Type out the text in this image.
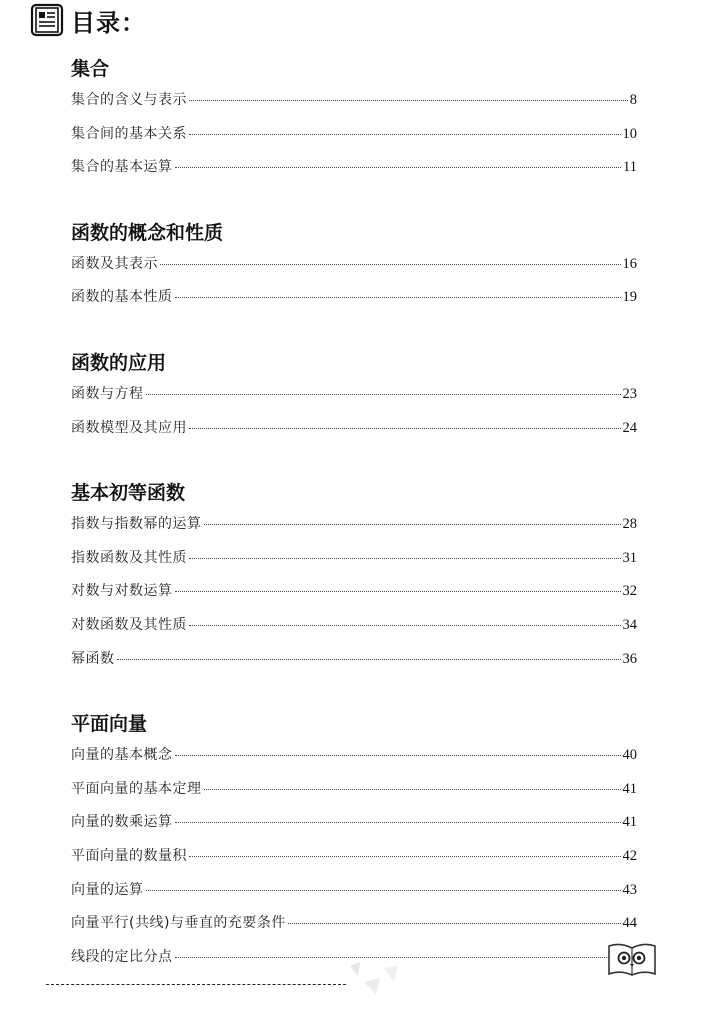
目录：
集合
集合的含义与表示	8
集合间的基本关系	10
集合的基本运算	11
函数的概念和性质
函数及其表示	16
函数的基本性质	19
函数的应用
函数与方程	23
函数模型及其应用	24
基本初等函数
指数与指数幂的运算	28
指数函数及其性质	31
对数与对数运算	32
对数函数及其性质	34
幂函数	36
平面向量
向量的基本概念	40
平面向量的基本定理	41
向量的数乘运算	41
平面向量的数量积	42
向量的运算	43
向量平行(共线)与垂直的充要条件	44
线段的定比分点
